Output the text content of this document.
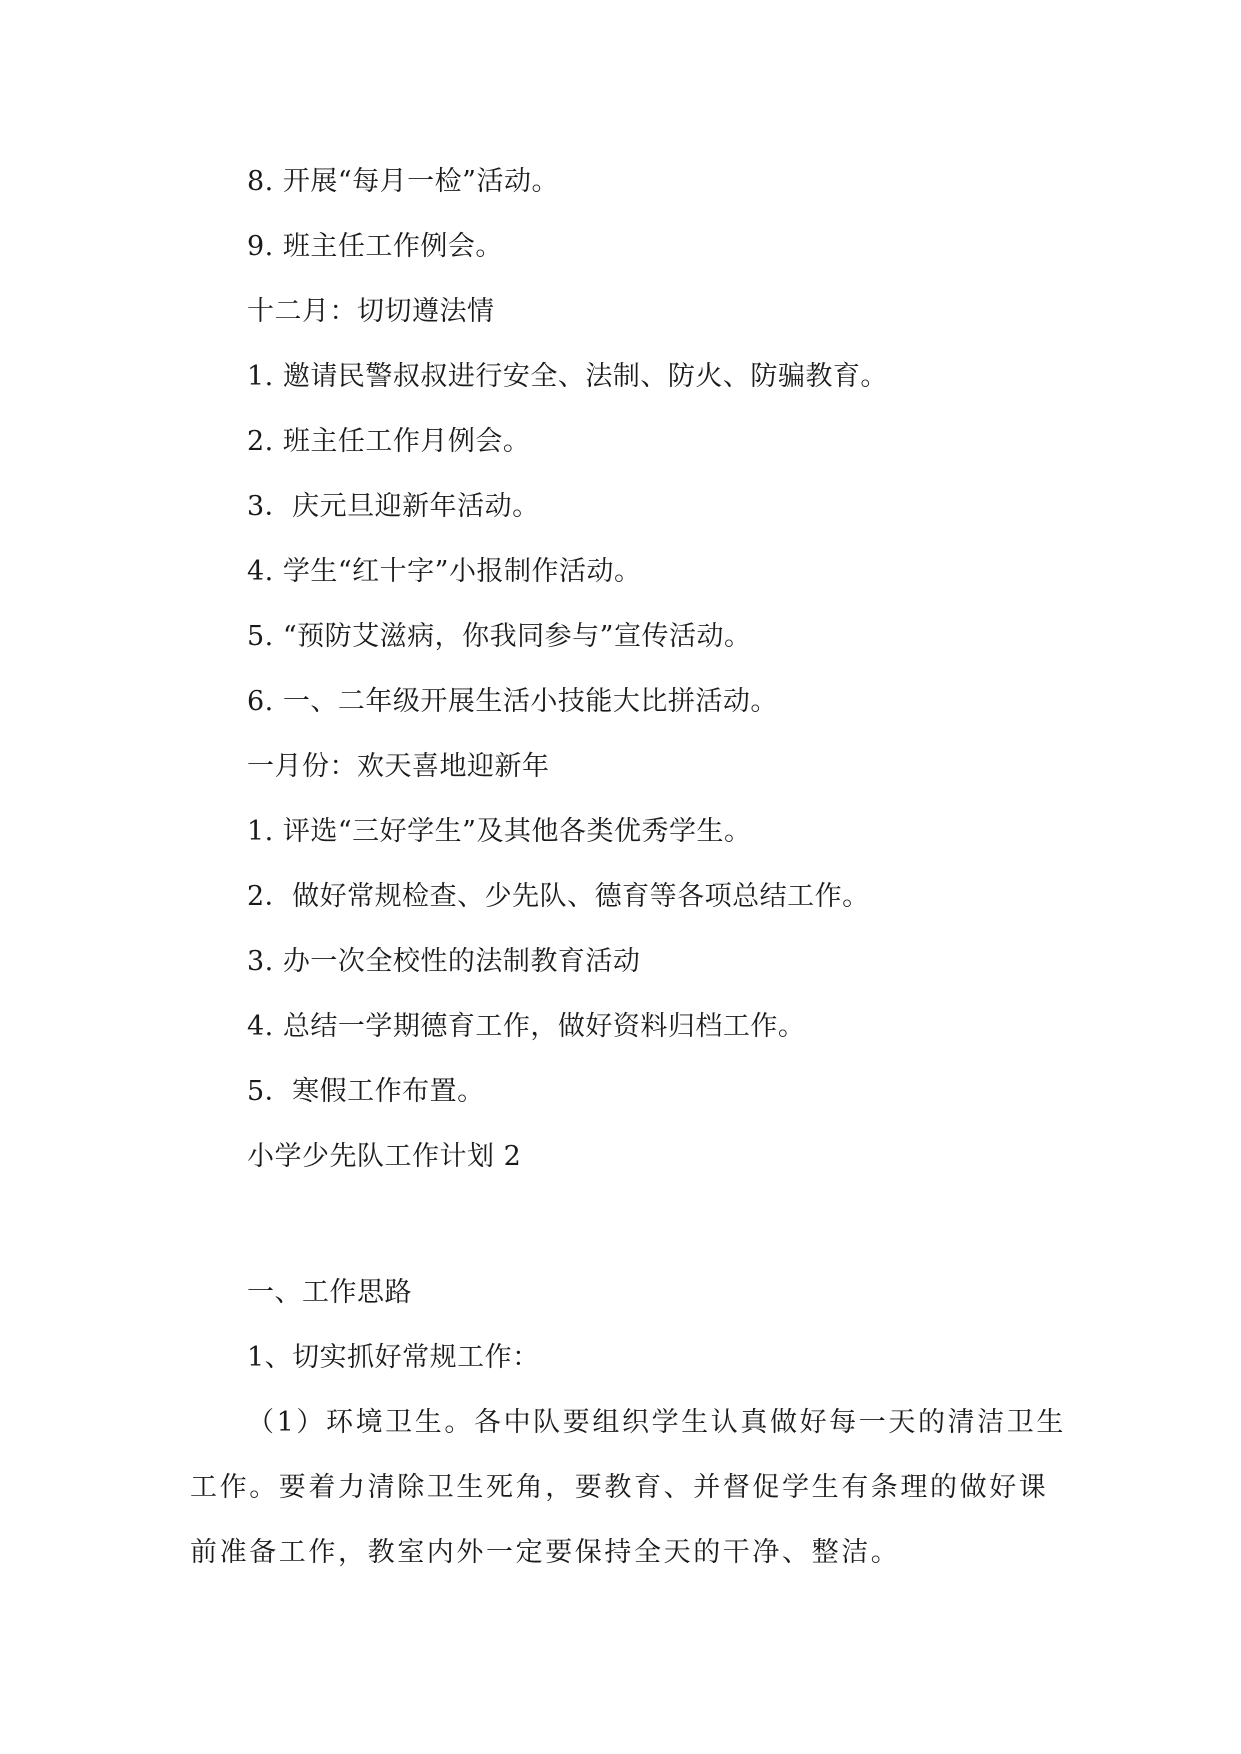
8. 开展“每月一检”活动。
9. 班主任工作例会。
十二月：切切遵法情
1. 邀请民警叔叔进行安全、法制、防火、防骗教育。
2. 班主任工作月例会。
3．庆元旦迎新年活动。
4. 学生“红十字”小报制作活动。
5. “预防艾滋病，你我同参与”宣传活动。
6. 一、二年级开展生活小技能大比拼活动。
一月份：欢天喜地迎新年
1. 评选“三好学生”及其他各类优秀学生。
2．做好常规检查、少先队、德育等各项总结工作。
3. 办一次全校性的法制教育活动
4. 总结一学期德育工作，做好资料归档工作。
5．寒假工作布置。
小学少先队工作计划 2
一、工作思路
1、切实抓好常规工作：
（1）环境卫生。各中队要组织学生认真做好每一天的清洁卫生工作。要着力清除卫生死角，要教育、并督促学生有条理的做好课前准备工作，教室内外一定要保持全天的干净、整洁。
